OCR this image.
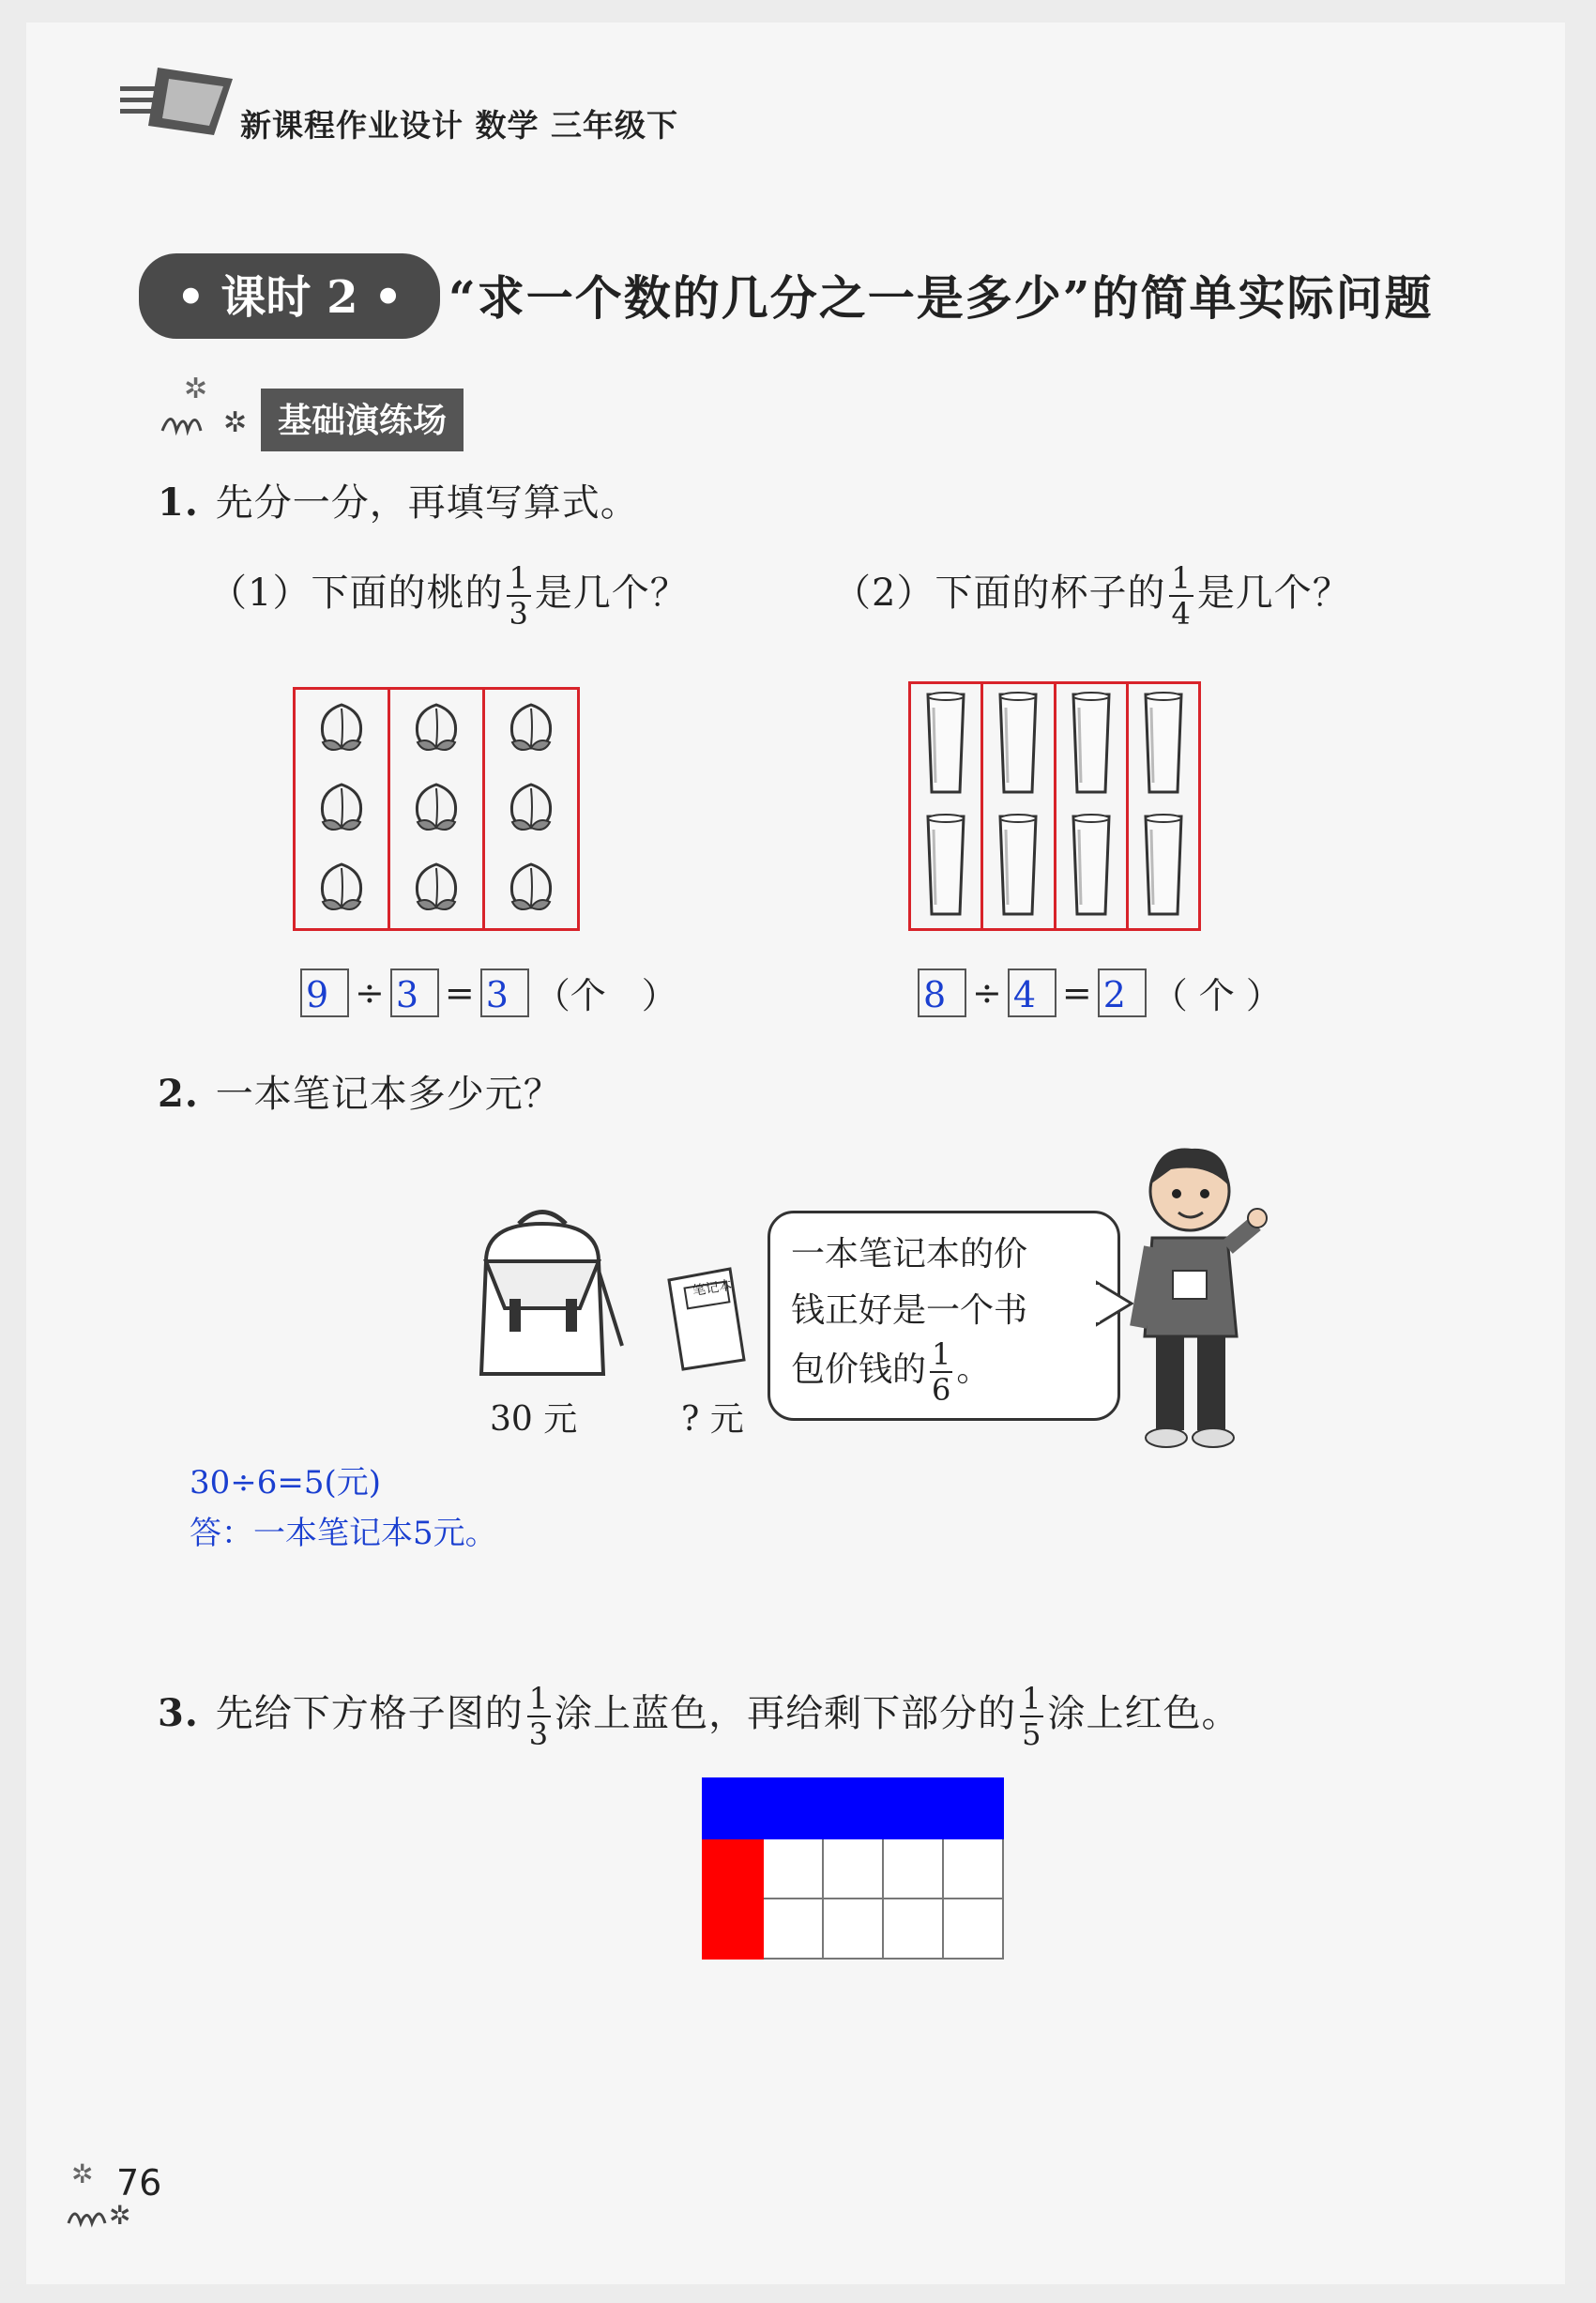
新课程作业设计 数学 三年级下
• 课时 2 • “求一个数的几分之一是多少”的简单实际问题
✲
✲ 基础演练场
1. 先分一分，再填写算式。
（1）下面的桃的 $\frac{1}{3}$ 是几个？	（2）下面的杯子的 $\frac{1}{4}$ 是几个？
9 ÷ 3 = 3 （个　）	8 ÷ 4 = 2 （ 个 ）
2. 一本笔记本多少元？
30 元
笔记本
? 元
一本笔记本的价
钱正好是一个书
包价钱的 $\frac{1}{6}$ 。
30÷6=5(元)
答：一本笔记本5元。
3. 先给下方格子图的 $\frac{1}{3}$ 涂上蓝色，再给剩下部分的 $\frac{1}{5}$ 涂上红色。

✲
✲
76
